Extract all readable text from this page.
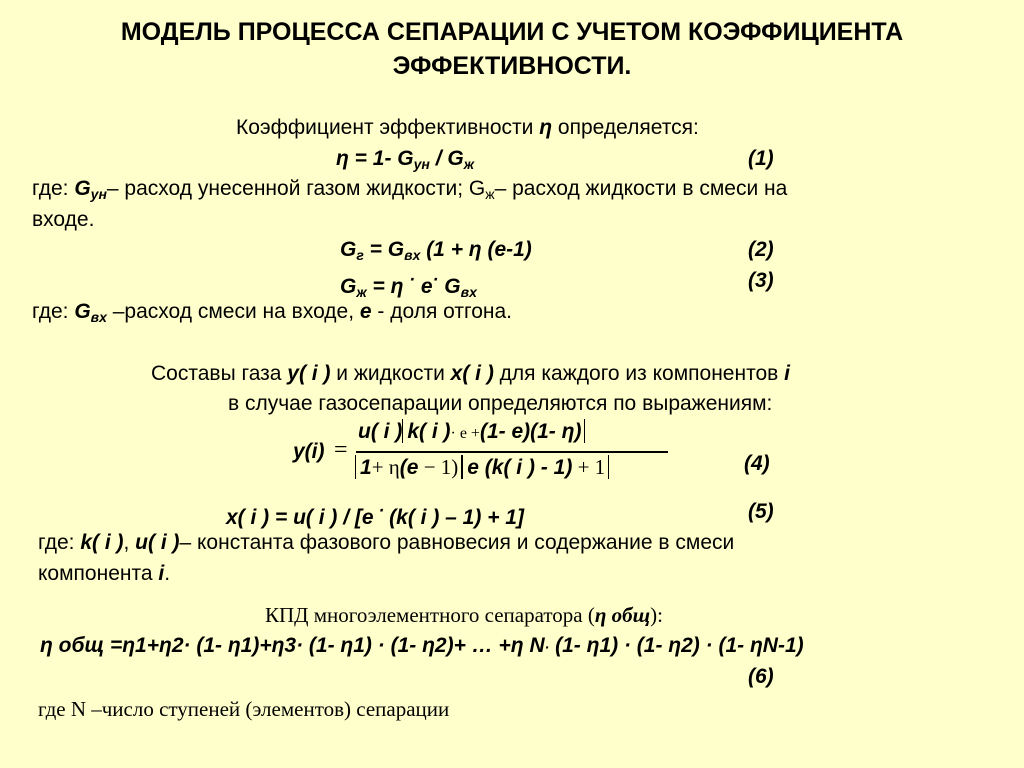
МОДЕЛЬ ПРОЦЕССА СЕПАРАЦИИ С УЧЕТОМ КОЭФФИЦИЕНТА
ЭФФЕКТИВНОСТИ.
Коэффициент эффективности η определяется:
η = 1- $G_{ун} / G_ж$	(1)
где: $G_{ун}-$ расход унесенной газом жидкости; $G_ж-$ расход жидкости в смеси на
входе.
$G_г = G_{вх}$ (1 + η (е-1)	(2)
$G_ж = \eta$ · е· $G_{вх}$	(3)
где: $G_{вх}$ –расход смеси на входе, е - доля отгона.
Составы газа y( i ) и жидкости x( i ) для каждого из компонентов i
в случае газосепарации определяются по выражениям:
y(i) =
u( i ) k( i )· e +(1- e)(1- η)
1+ η(e − 1) e (k( i ) - 1) + 1	(4)
x( i ) = u( i ) / [е · (k( i ) – 1) + 1]	(5)
где: k( i ), u( i )– константа фазового равновесия и содержание в смеси
компонента i.
КПД многоэлементного сепаратора (η общ):
η общ =η1+η2· (1- η1)+η3· (1- η1) · (1- η2)+ … +η N· (1- η1) · (1- η2) · (1- ηN-1)
(6)
где N –число ступеней (элементов) сепарации
